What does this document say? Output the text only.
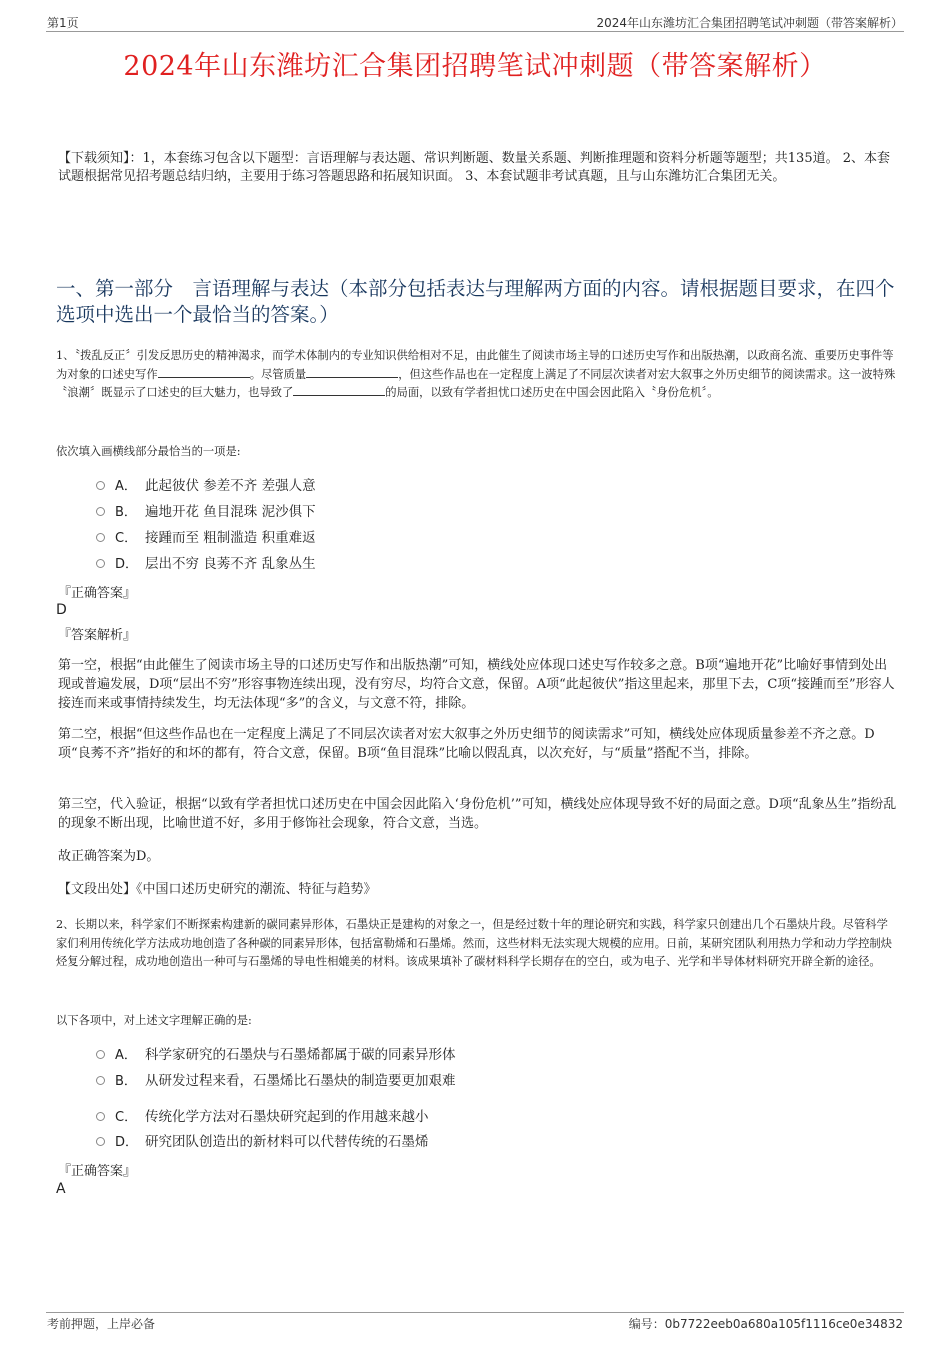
第1页	2024年山东潍坊汇合集团招聘笔试冲刺题（带答案解析）
2024年山东潍坊汇合集团招聘笔试冲刺题（带答案解析）
【下载须知】：1，本套练习包含以下题型：言语理解与表达题、常识判断题、数量关系题、判断推理题和资料分析题等题型；共135道。 2、本套试题根据常见招考题总结归纳，主要用于练习答题思路和拓展知识面。 3、本套试题非考试真题，且与山东潍坊汇合集团无关。
一、第一部分　言语理解与表达（本部分包括表达与理解两方面的内容。请根据题目要求，在四个选项中选出一个最恰当的答案。）
1、〝拨乱反正〞引发反思历史的精神渴求，而学术体制内的专业知识供给相对不足，由此催生了阅读市场主导的口述历史写作和出版热潮，以政商名流、重要历史事件等为对象的口述史写作	。尽管质量	，但这些作品也在一定程度上满足了不同层次读者对宏大叙事之外历史细节的阅读需求。这一波特殊〝浪潮〞既显示了口述史的巨大魅力，也导致了	的局面，以致有学者担忧口述历史在中国会因此陷入〝身份危机〞。
依次填入画横线部分最恰当的一项是:
A． 此起彼伏 参差不齐 差强人意
B． 遍地开花 鱼目混珠 泥沙俱下
C． 接踵而至 粗制滥造 积重难返
D． 层出不穷 良莠不齐 乱象丛生
『正确答案』
D
『答案解析』
第一空，根据“由此催生了阅读市场主导的口述历史写作和出版热潮”可知，横线处应体现口述史写作较多之意。B项“遍地开花”比喻好事情到处出现或普遍发展，D项“层出不穷”形容事物连续出现，没有穷尽，均符合文意，保留。A项“此起彼伏”指这里起来，那里下去，C项“接踵而至”形容人接连而来或事情持续发生，均无法体现“多”的含义，与文意不符，排除。
第二空，根据“但这些作品也在一定程度上满足了不同层次读者对宏大叙事之外历史细节的阅读需求”可知，横线处应体现质量参差不齐之意。D项“良莠不齐”指好的和坏的都有，符合文意，保留。B项“鱼目混珠”比喻以假乱真，以次充好，与“质量”搭配不当，排除。
第三空，代入验证，根据“以致有学者担忧口述历史在中国会因此陷入‘身份危机’”可知，横线处应体现导致不好的局面之意。D项“乱象丛生”指纷乱的现象不断出现，比喻世道不好，多用于修饰社会现象，符合文意，当选。
故正确答案为D。
【文段出处】《中国口述历史研究的潮流、特征与趋势》
2、长期以来，科学家们不断探索构建新的碳同素异形体，石墨炔正是建构的对象之一，但是经过数十年的理论研究和实践，科学家只创建出几个石墨炔片段。尽管科学家们利用传统化学方法成功地创造了各种碳的同素异形体，包括富勒烯和石墨烯。然而，这些材料无法实现大规模的应用。日前，某研究团队利用热力学和动力学控制炔烃复分解过程，成功地创造出一种可与石墨烯的导电性相媲美的材料。该成果填补了碳材料科学长期存在的空白，或为电子、光学和半导体材料研究开辟全新的途径。
以下各项中，对上述文字理解正确的是:
A． 科学家研究的石墨炔与石墨烯都属于碳的同素异形体
B． 从研发过程来看，石墨烯比石墨炔的制造要更加艰难
C． 传统化学方法对石墨炔研究起到的作用越来越小
D． 研究团队创造出的新材料可以代替传统的石墨烯
『正确答案』
A
考前押题，上岸必备	编号：0b7722eeb0a680a105f1116ce0e34832
